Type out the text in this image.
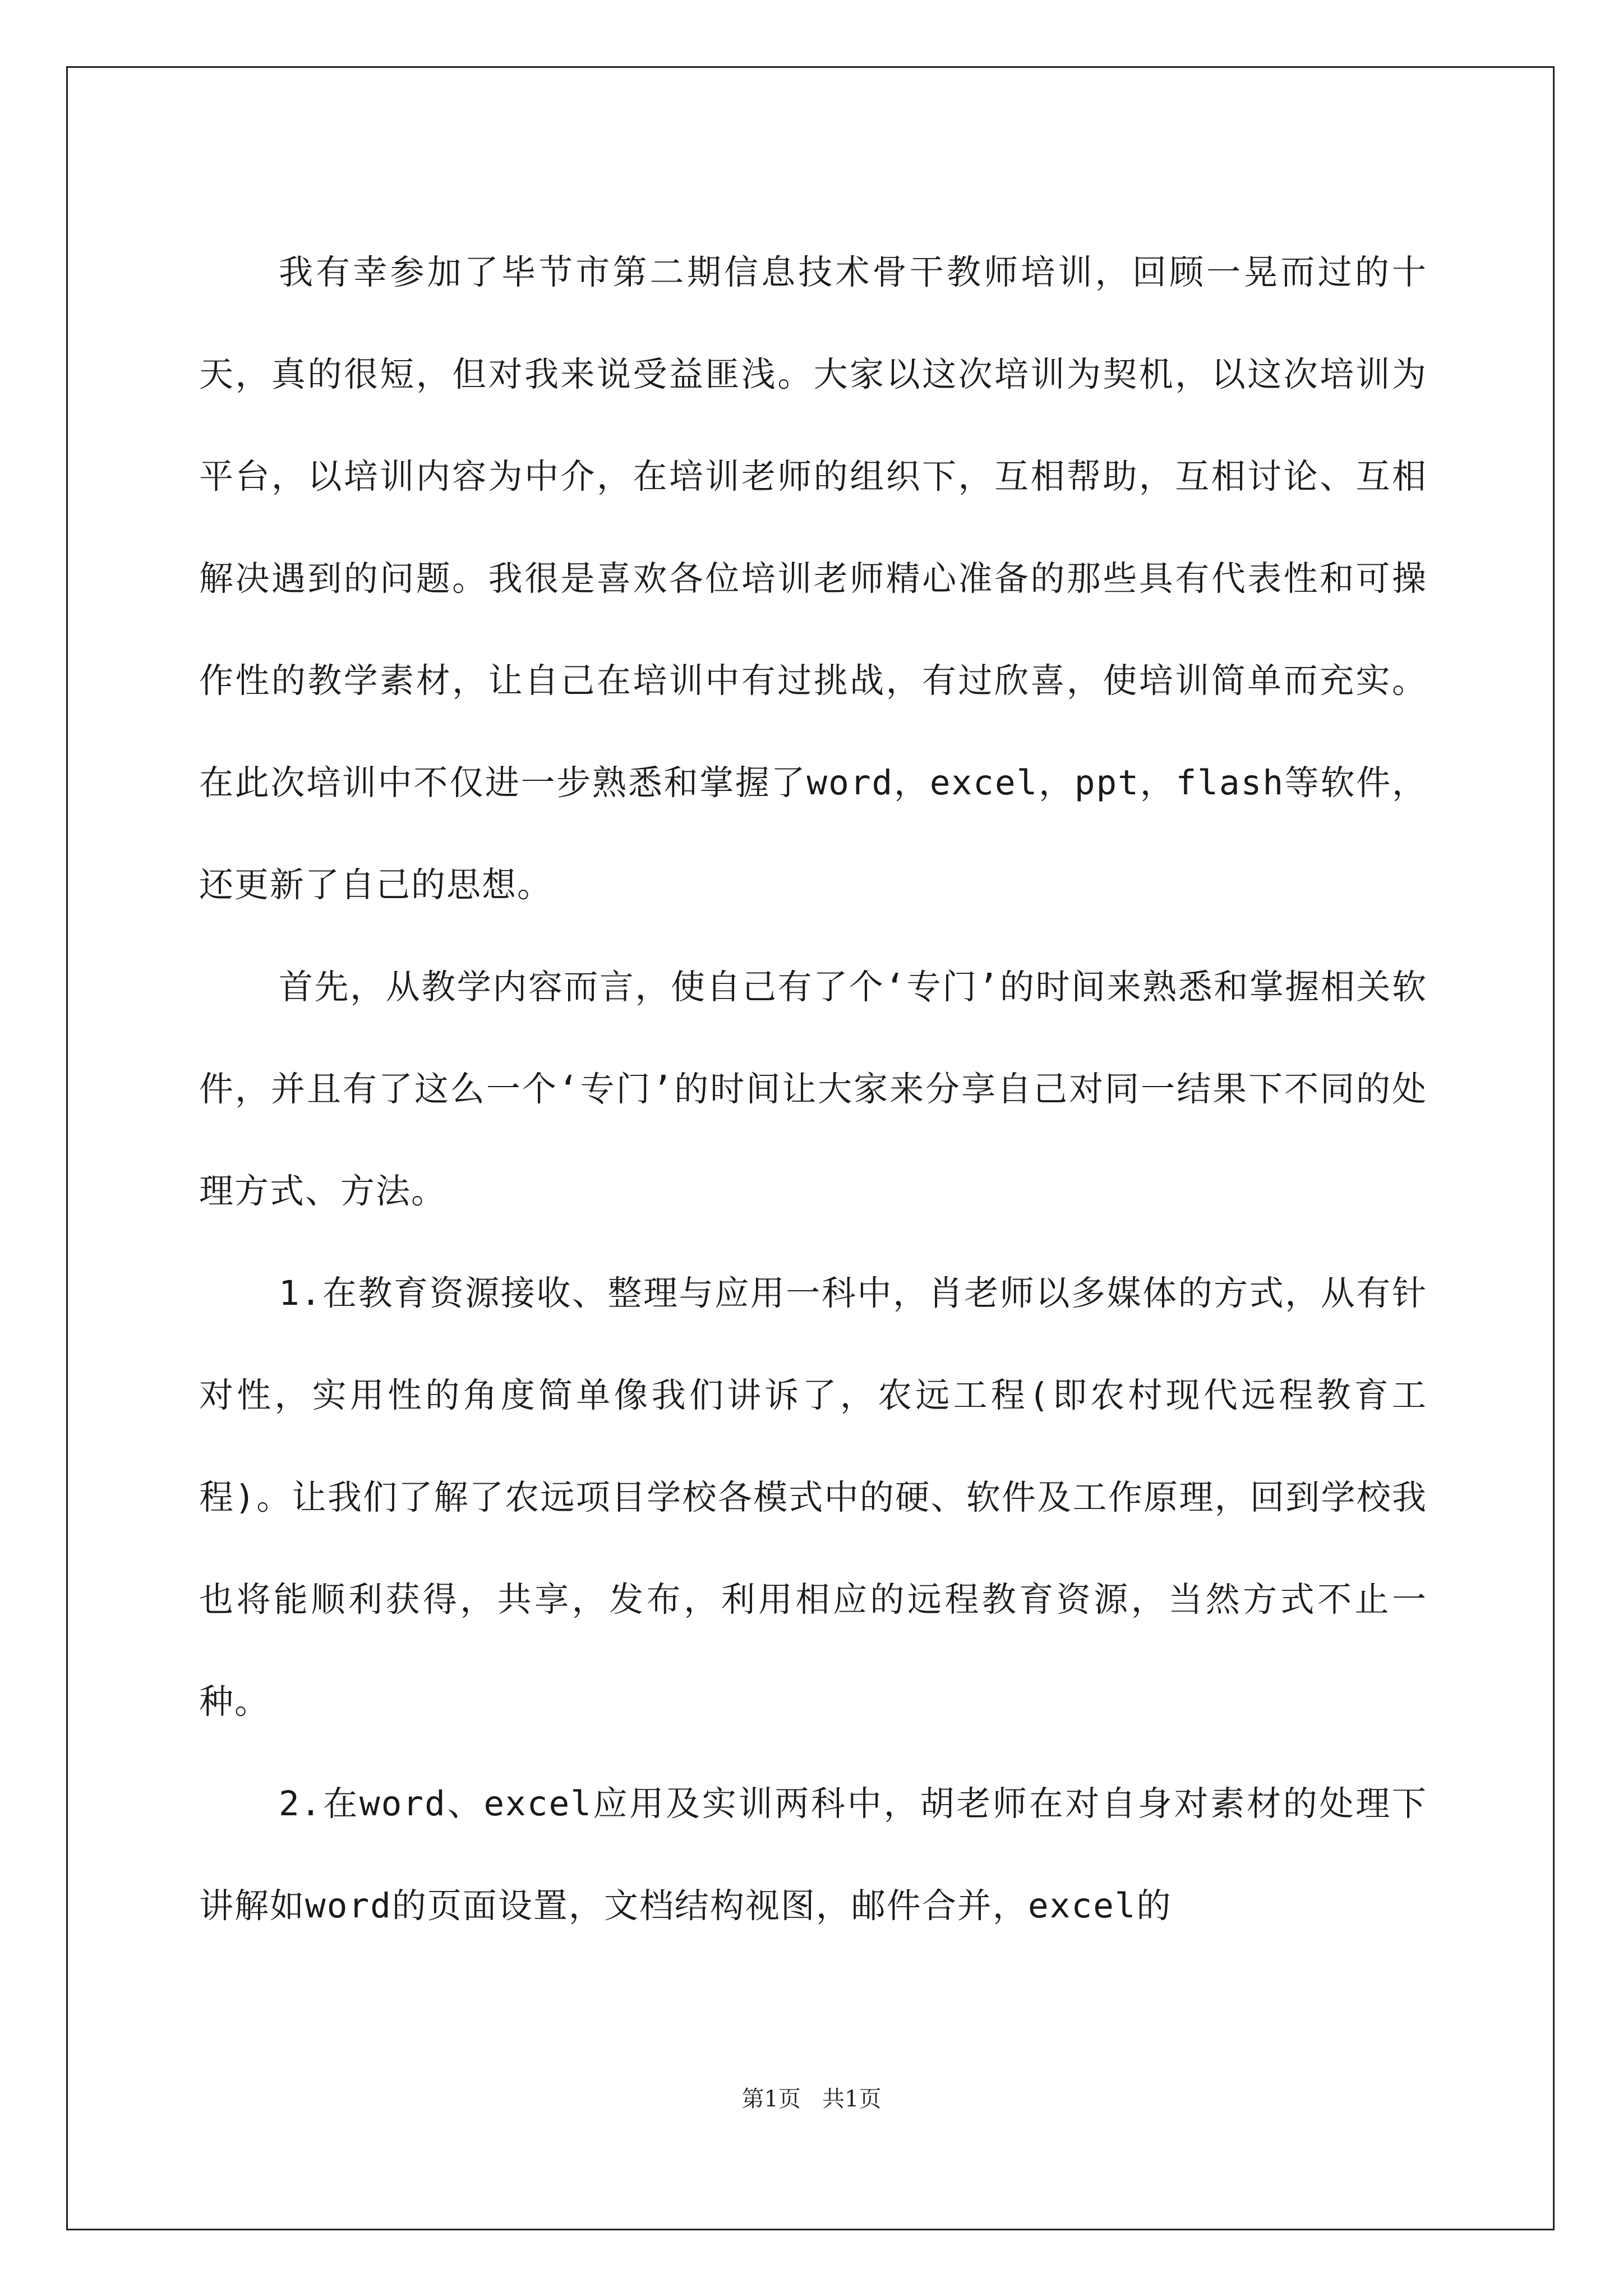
我有幸参加了毕节市第二期信息技术骨干教师培训，回顾一晃而过的十天，真的很短，但对我来说受益匪浅。大家以这次培训为契机，以这次培训为平台，以培训内容为中介，在培训老师的组织下，互相帮助，互相讨论、互相解决遇到的问题。我很是喜欢各位培训老师精心准备的那些具有代表性和可操作性的教学素材，让自己在培训中有过挑战，有过欣喜，使培训简单而充实。在此次培训中不仅进一步熟悉和掌握了word，excel，ppt，flash等软件，还更新了自己的思想。

首先，从教学内容而言，使自己有了个‘专门’的时间来熟悉和掌握相关软件，并且有了这么一个‘专门’的时间让大家来分享自己对同一结果下不同的处理方式、方法。

1.在教育资源接收、整理与应用一科中，肖老师以多媒体的方式，从有针对性，实用性的角度简单像我们讲诉了，农远工程(即农村现代远程教育工程)。让我们了解了农远项目学校各模式中的硬、软件及工作原理，回到学校我也将能顺利获得，共享，发布，利用相应的远程教育资源，当然方式不止一种。

2.在word、excel应用及实训两科中，胡老师在对自身对素材的处理下讲解如word的页面设置，文档结构视图，邮件合并，excel的

第1页   共1页
